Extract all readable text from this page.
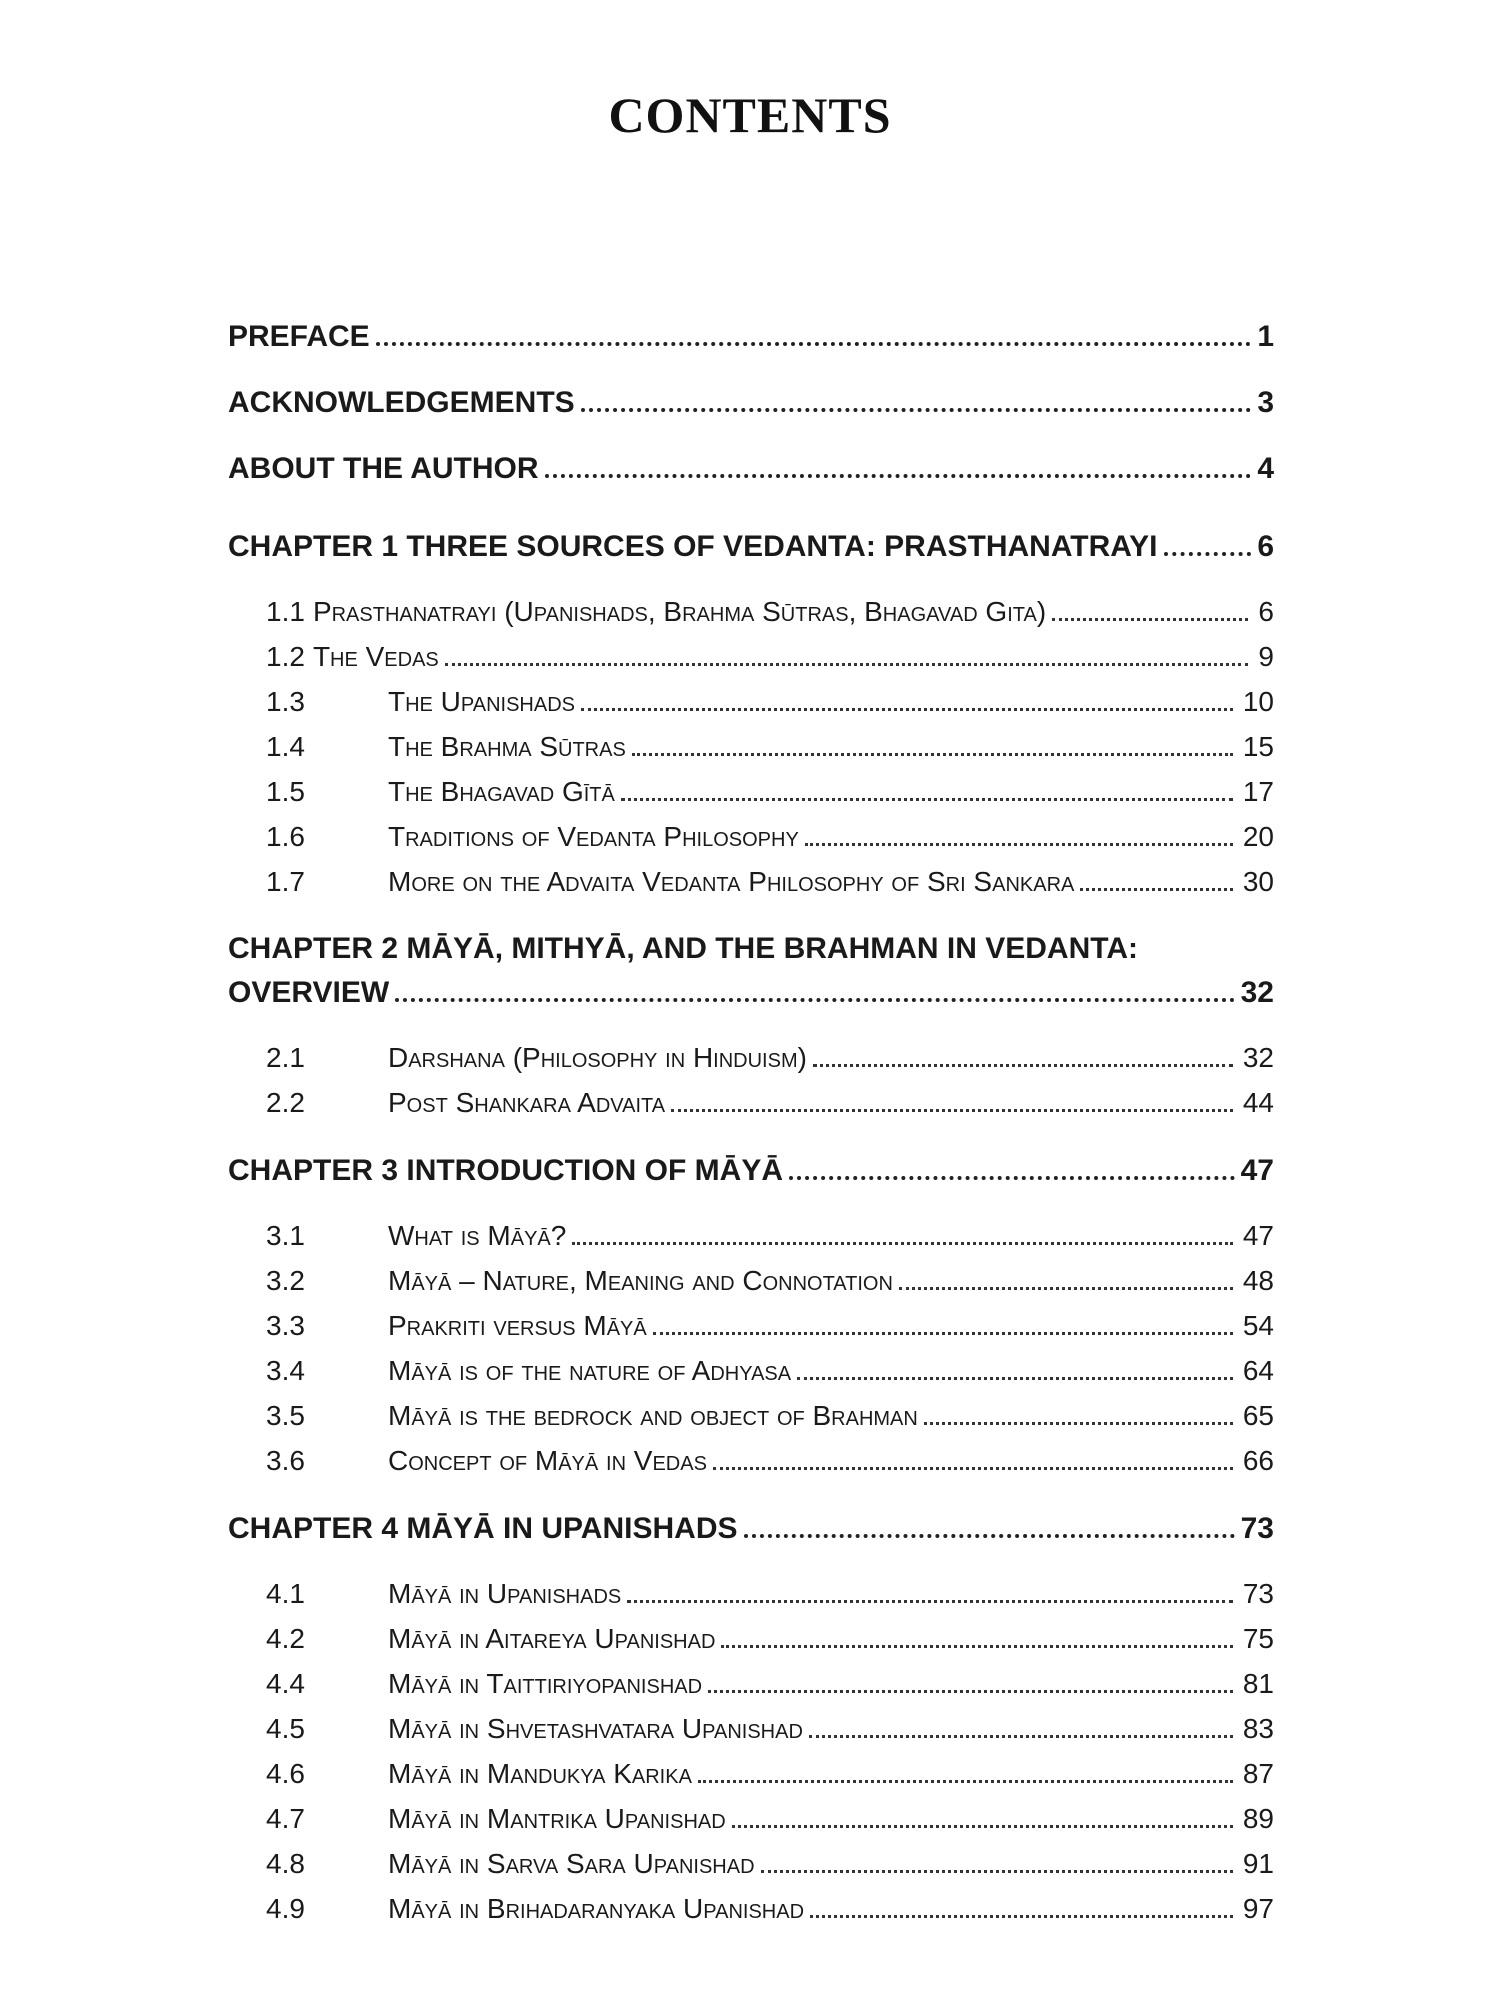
CONTENTS
PREFACE	1
ACKNOWLEDGEMENTS	3
ABOUT THE AUTHOR	4
CHAPTER 1 THREE SOURCES OF VEDANTA: PRASTHANATRAYI	6
1.1 Prasthanatrayi (Upanishads, Brahma Sūtras, Bhagavad Gita)	6
1.2 The Vedas	9
1.3	The Upanishads	10
1.4	The Brahma Sūtras	15
1.5	The Bhagavad Gītā	17
1.6	Traditions of Vedanta Philosophy	20
1.7	More on the Advaita Vedanta Philosophy of Sri Sankara	30
CHAPTER 2 MĀYĀ, MITHYĀ, AND THE BRAHMAN IN VEDANTA:
OVERVIEW	32
2.1	Darshana (Philosophy in Hinduism)	32
2.2	Post Shankara Advaita	44
CHAPTER 3 INTRODUCTION OF MĀYĀ	47
3.1	What is Māyā?	47
3.2	Māyā – Nature, Meaning and Connotation	48
3.3	Prakriti versus Māyā	54
3.4	Māyā is of the nature of Adhyasa	64
3.5	Māyā is the bedrock and object of Brahman	65
3.6	Concept of Māyā in Vedas	66
CHAPTER 4 MĀYĀ IN UPANISHADS	73
4.1	Māyā in Upanishads	73
4.2	Māyā in Aitareya Upanishad	75
4.4	Māyā in Taittiriyopanishad	81
4.5	Māyā in Shvetashvatara Upanishad	83
4.6	Māyā in Mandukya Karika	87
4.7	Māyā in Mantrika Upanishad	89
4.8	Māyā in Sarva Sara Upanishad	91
4.9	Māyā in Brihadaranyaka Upanishad	97
